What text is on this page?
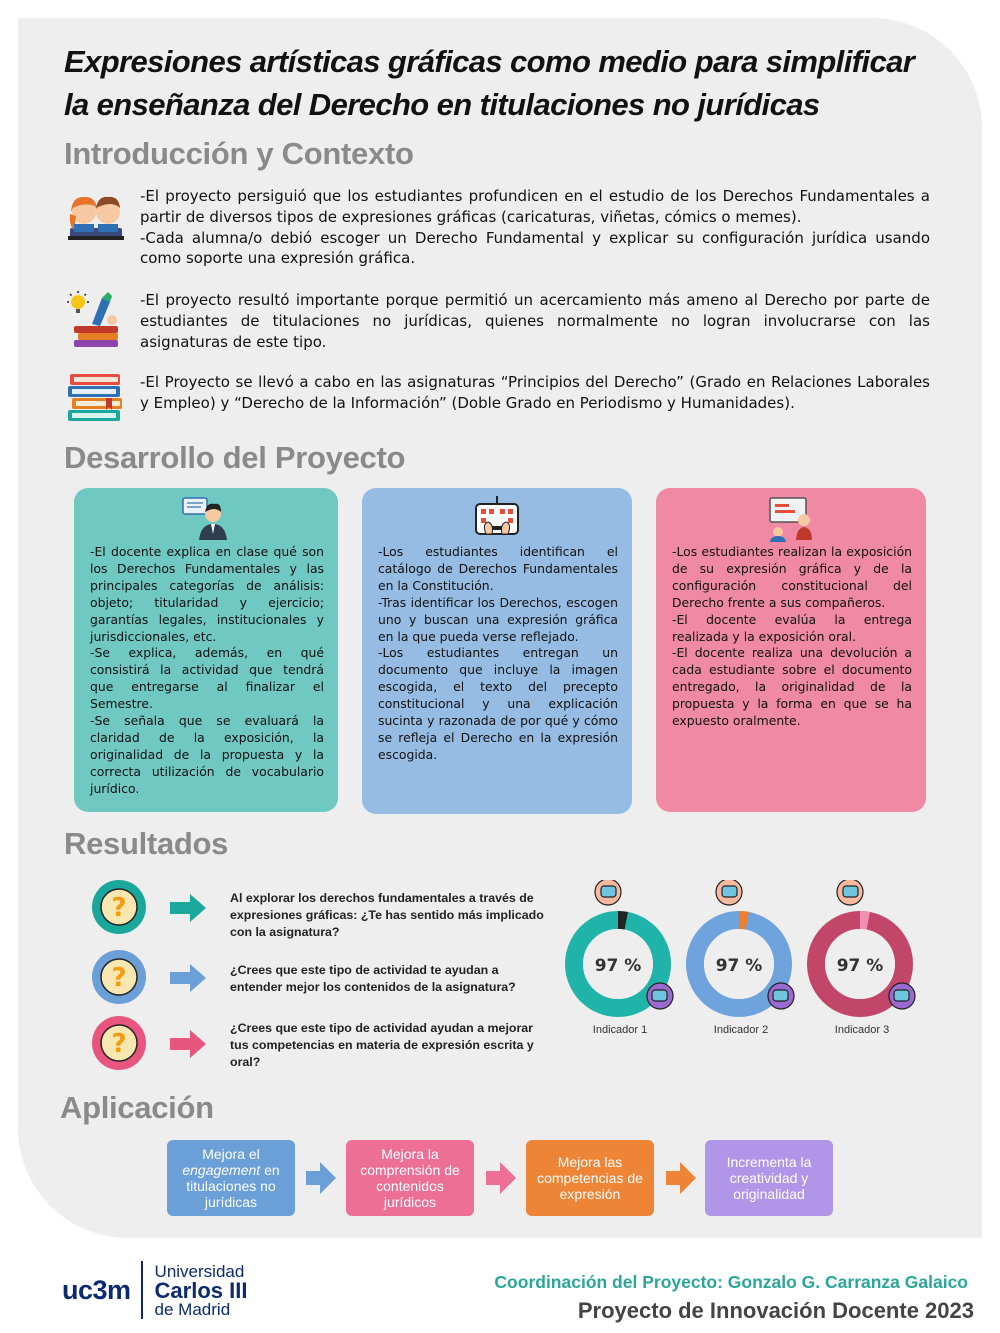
Expresiones artísticas gráficas como medio para simplificar
la enseñanza del Derecho en titulaciones no jurídicas
Introducción y Contexto

-El proyecto persiguió que los estudiantes profundicen en el estudio de los Derechos Fundamentales a partir de diversos tipos de expresiones gráficas (caricaturas, viñetas, cómics o memes).

-Cada alumna/o debió escoger un Derecho Fundamental y explicar su configuración jurídica usando como soporte una expresión gráfica.

-El proyecto resultó importante porque permitió un acercamiento más ameno al Derecho por parte de estudiantes de titulaciones no jurídicas, quienes normalmente no logran involucrarse con las asignaturas de este tipo.

-El Proyecto se llevó a cabo en las asignaturas “Principios del Derecho” (Grado en Relaciones Laborales y Empleo) y “Derecho de la Información” (Doble Grado en Periodismo y Humanidades).

Desarrollo del Proyecto

-El docente explica en clase qué son los Derechos Fundamentales y las principales categorías de análisis: objeto; titularidad y ejercicio; garantías legales, institucionales y jurisdiccionales, etc.

-Se explica, además, en qué consistirá la actividad que tendrá que entregarse al finalizar el Semestre.

-Se señala que se evaluará la claridad de la exposición, la originalidad de la propuesta y la correcta utilización de vocabulario jurídico.

-Los estudiantes identifican el catálogo de Derechos Fundamentales en la Constitución.

-Tras identificar los Derechos, escogen uno y buscan una expresión gráfica en la que pueda verse reflejado.

-Los estudiantes entregan un documento que incluye la imagen escogida, el texto del precepto constitucional y una explicación sucinta y razonada de por qué y cómo se refleja el Derecho en la expresión escogida.

-Los estudiantes realizan la exposición de su expresión gráfica y de la configuración constitucional del Derecho frente a sus compañeros.

-El docente evalúa la entrega realizada y la exposición oral.

-El docente realiza una devolución a cada estudiante sobre el documento entregado, la originalidad de la propuesta y la forma en que se ha expuesto oralmente.

Resultados
?	Al explorar los derechos fundamentales a través de expresiones gráficas: ¿Te has sentido más implicado con la asignatura?
?	¿Crees que este tipo de actividad te ayudan a entender mejor los contenidos de la asignatura?
?
¿Crees que este tipo de actividad ayudan a mejorar tus competencias en materia de expresión escrita y oral?
97 %
Indicador 1
97 %
Indicador 2
97 %
Indicador 3
Aplicación
Mejora el engagement en titulaciones no jurídicas
Mejora la comprensión de contenidos jurídicos
Mejora las competencias de expresión
Incrementa la creatividad y originalidad
uc3m
Universidad
Carlos III
de Madrid
Coordinación del Proyecto: Gonzalo G. Carranza Galaico
Proyecto de Innovación Docente 2023
